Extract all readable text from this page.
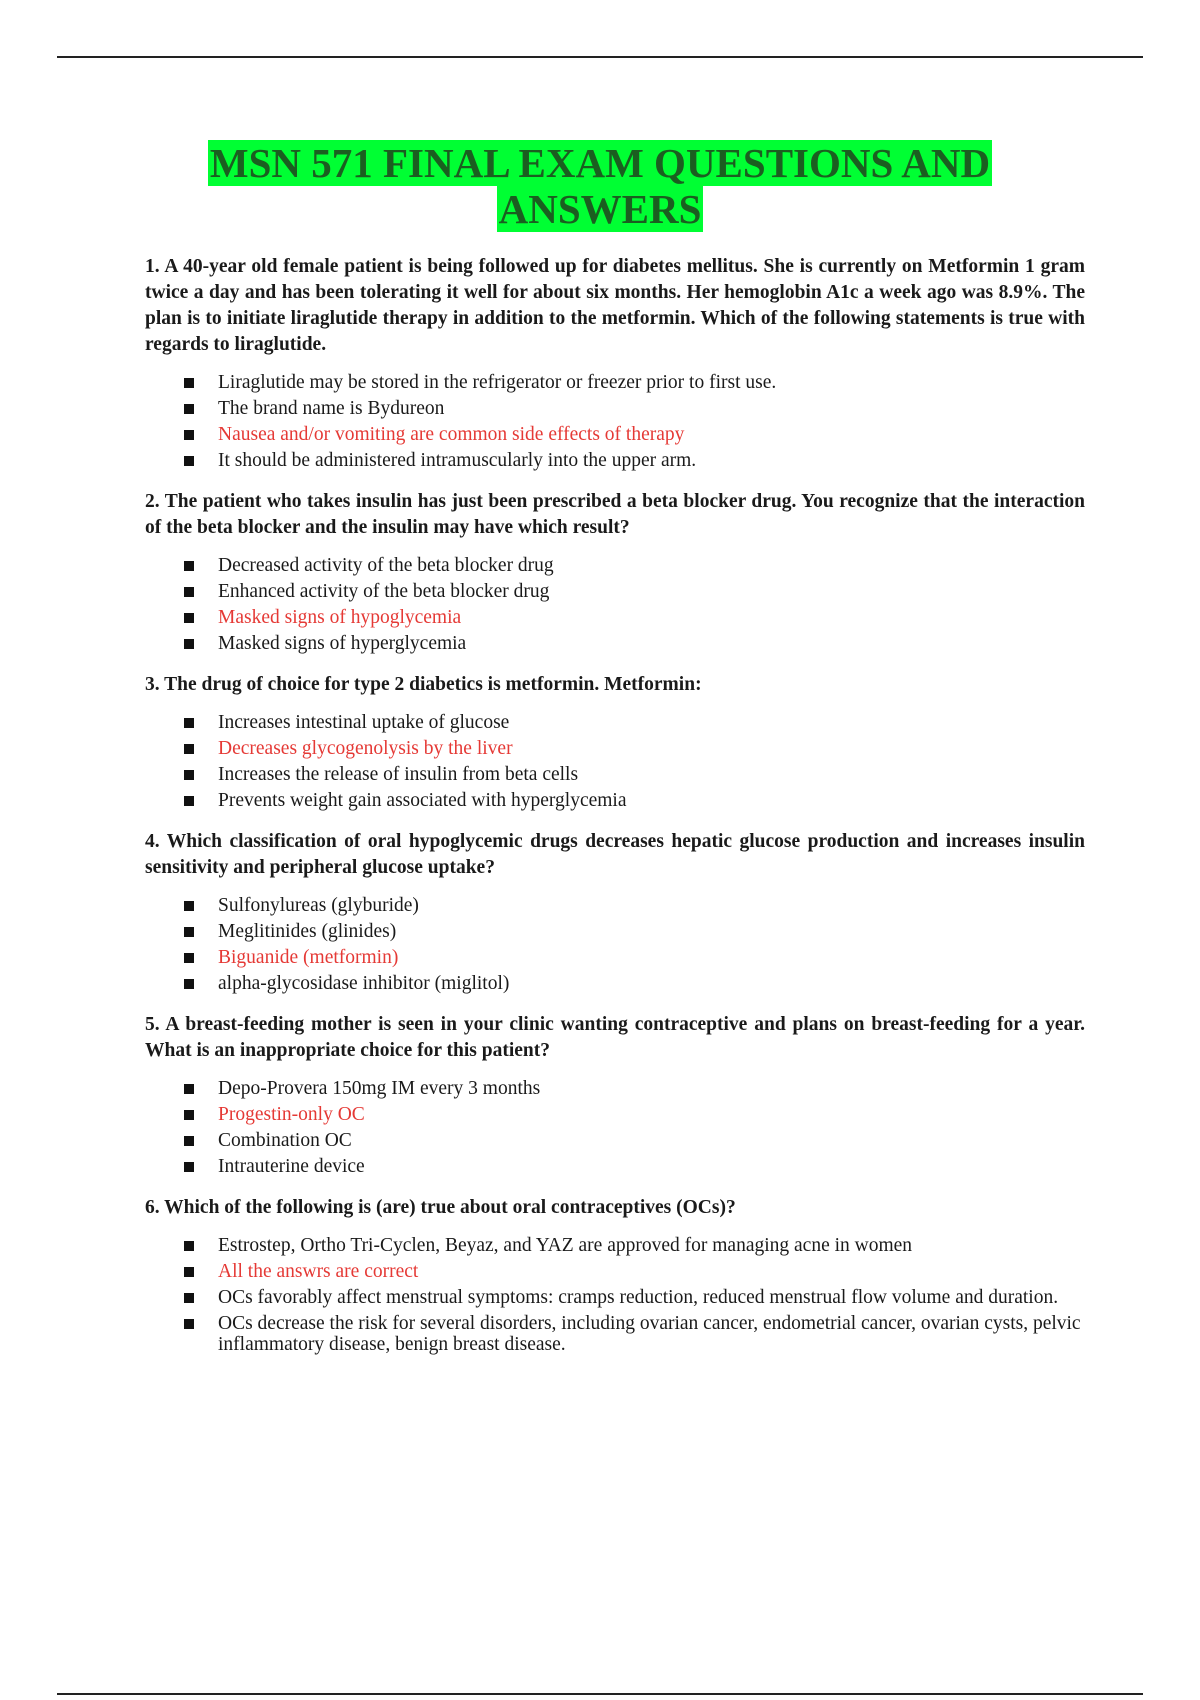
MSN 571 FINAL EXAM QUESTIONS AND
ANSWERS

1. A 40-year old female patient is being followed up for diabetes mellitus. She is currently on Metformin 1 gram twice a day and has been tolerating it well for about six months. Her hemoglobin A1c a week ago was 8.9%. The plan is to initiate liraglutide therapy in addition to the metformin. Which of the following statements is true with regards to liraglutide.

Liraglutide may be stored in the refrigerator or freezer prior to first use.
The brand name is Bydureon
Nausea and/or vomiting are common side effects of therapy
It should be administered intramuscularly into the upper arm.

2. The patient who takes insulin has just been prescribed a beta blocker drug. You recognize that the interaction of the beta blocker and the insulin may have which result?

Decreased activity of the beta blocker drug
Enhanced activity of the beta blocker drug
Masked signs of hypoglycemia
Masked signs of hyperglycemia

3. The drug of choice for type 2 diabetics is metformin. Metformin:

Increases intestinal uptake of glucose
Decreases glycogenolysis by the liver
Increases the release of insulin from beta cells
Prevents weight gain associated with hyperglycemia

4. Which classification of oral hypoglycemic drugs decreases hepatic glucose production and increases insulin sensitivity and peripheral glucose uptake?

Sulfonylureas (glyburide)
Meglitinides (glinides)
Biguanide (metformin)
alpha-glycosidase inhibitor (miglitol)

5. A breast-feeding mother is seen in your clinic wanting contraceptive and plans on breast-feeding for a year. What is an inappropriate choice for this patient?

Depo-Provera 150mg IM every 3 months
Progestin-only OC
Combination OC
Intrauterine device

6. Which of the following is (are) true about oral contraceptives (OCs)?

Estrostep, Ortho Tri-Cyclen, Beyaz, and YAZ are approved for managing acne in women
All the answrs are correct
OCs favorably affect menstrual symptoms: cramps reduction, reduced menstrual flow volume and duration.
OCs decrease the risk for several disorders, including ovarian cancer, endometrial cancer, ovarian cysts, pelvic inflammatory disease, benign breast disease.
